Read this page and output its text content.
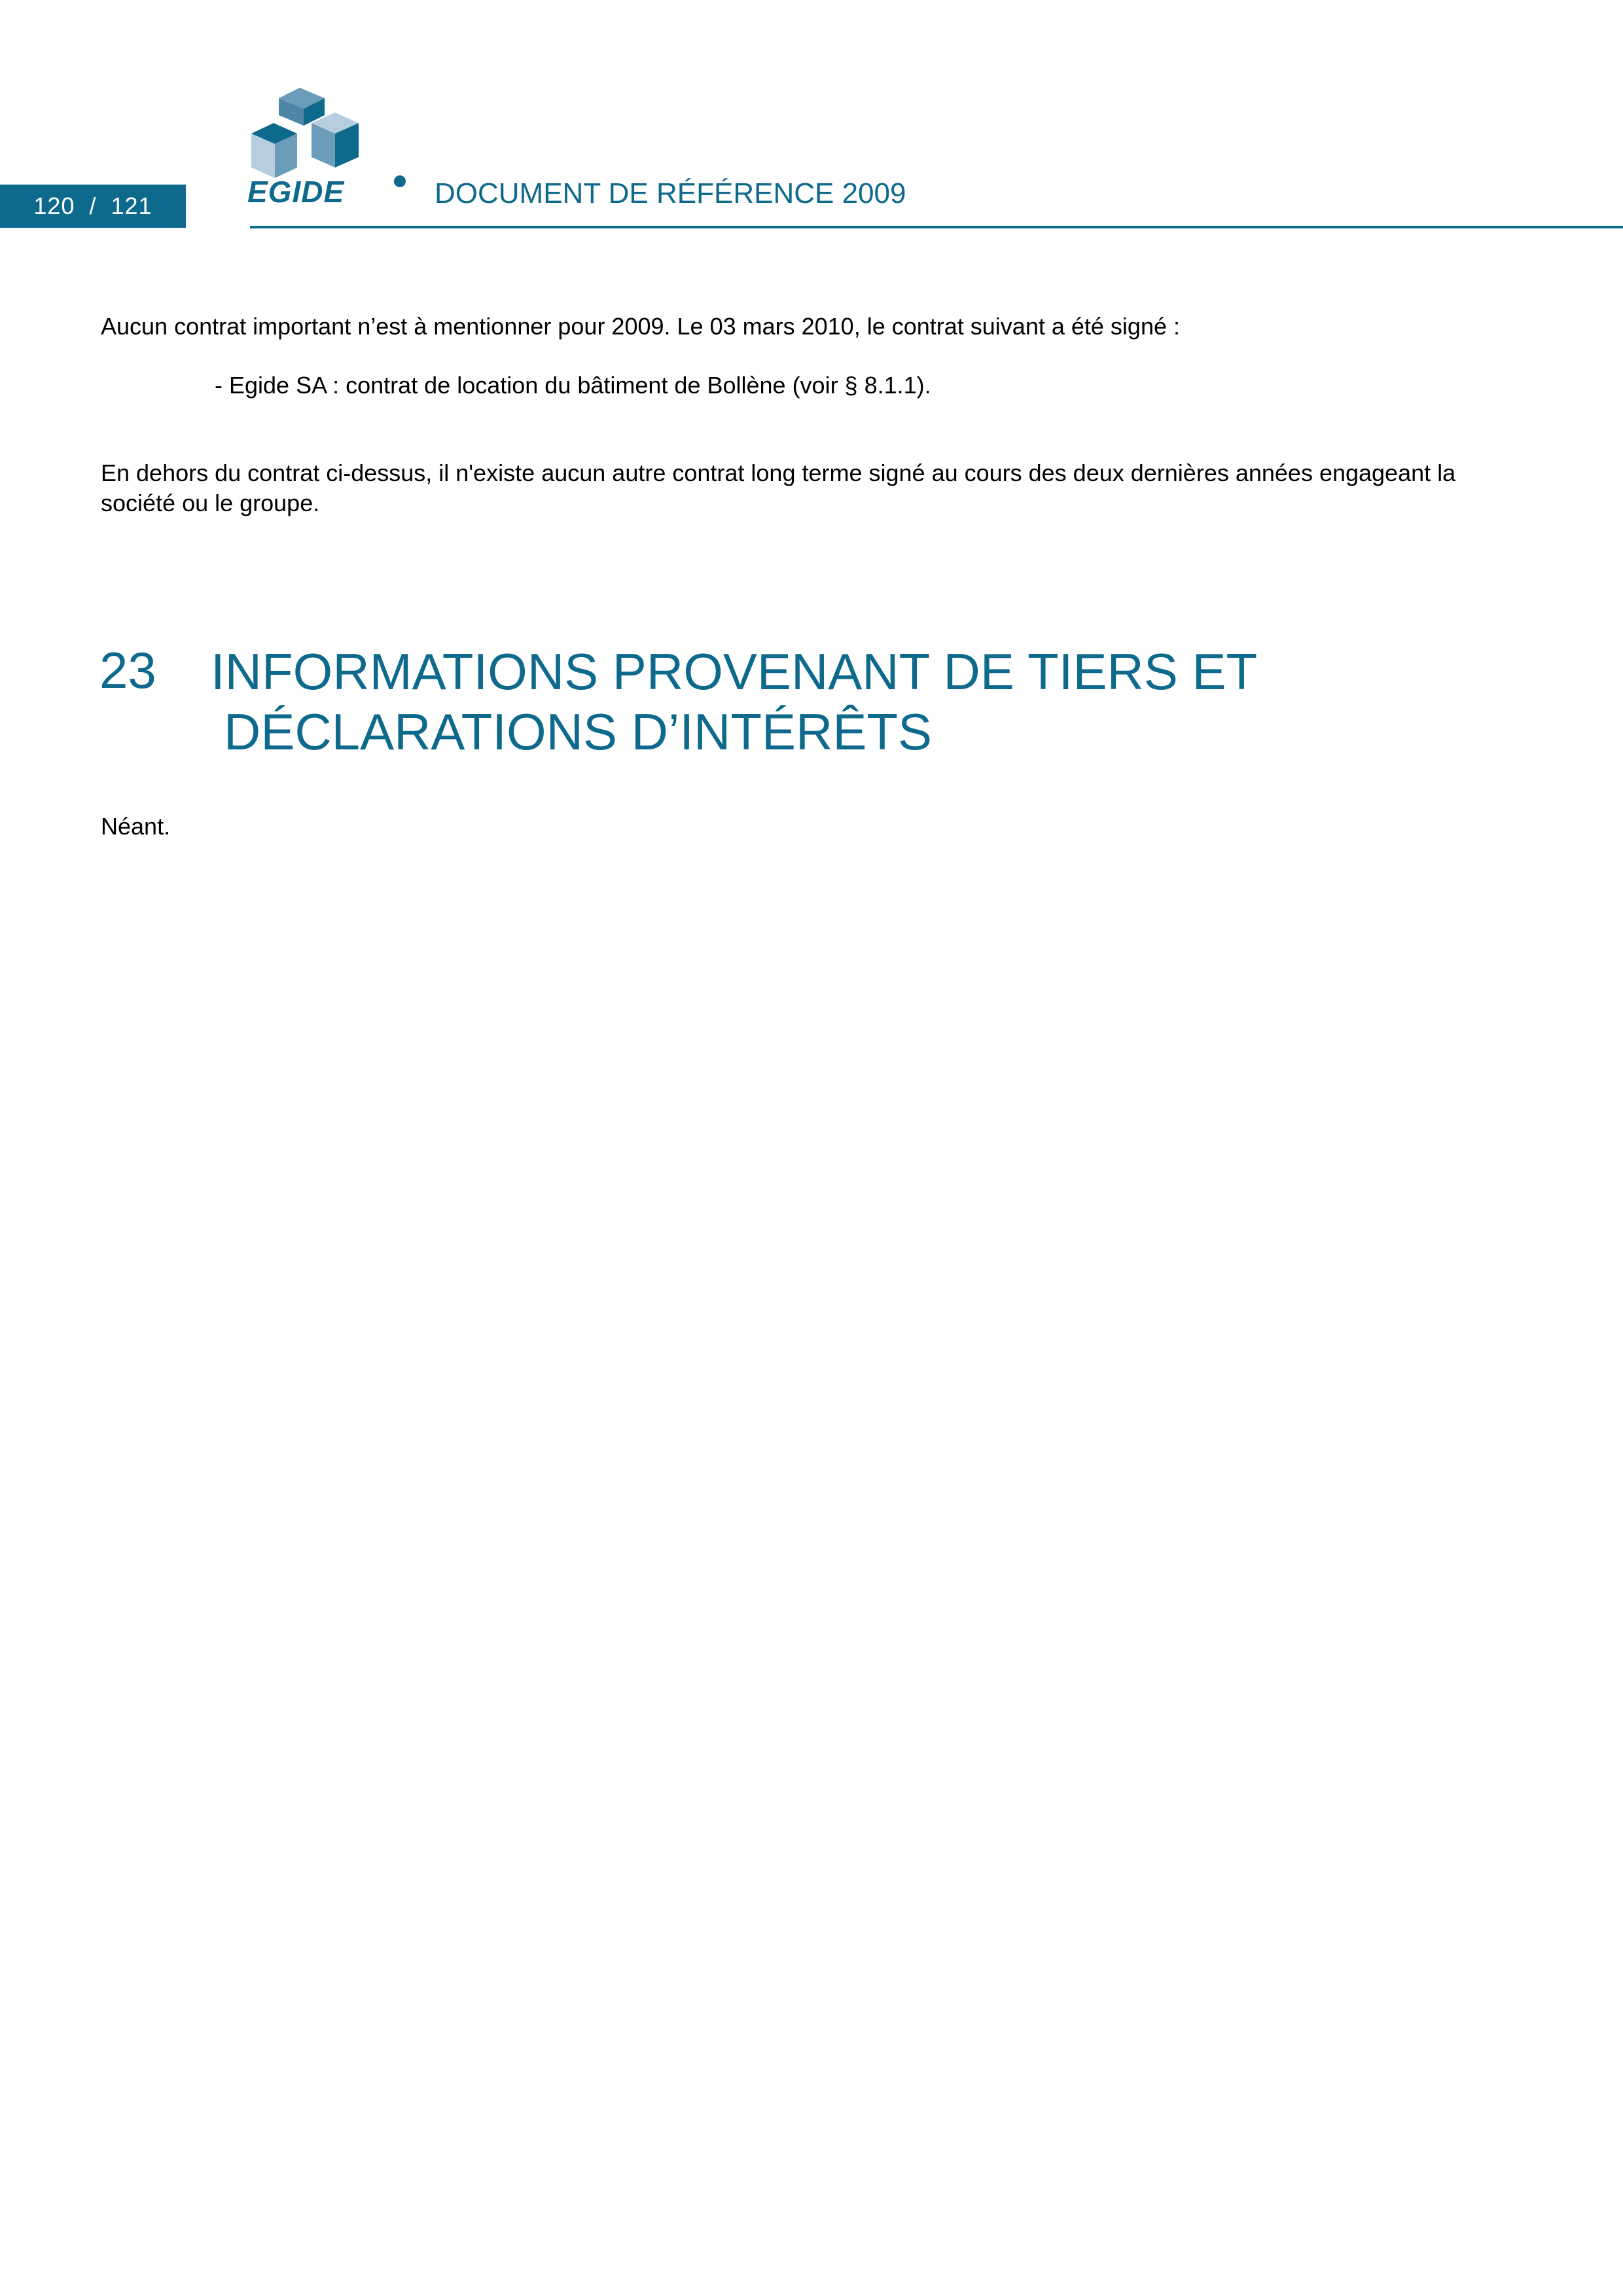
120 / 121	EGIDE	DOCUMENT DE RÉFÉRENCE 2009
Aucun contrat important n’est à mentionner pour 2009. Le 03 mars 2010, le contrat suivant a été signé :
- Egide SA : contrat de location du bâtiment de Bollène (voir § 8.1.1).
En dehors du contrat ci-dessus, il n'existe aucun autre contrat long terme signé au cours des deux dernières années engageant la société ou le groupe.
23 INFORMATIONS PROVENANT DE TIERS ET
DÉCLARATIONS D’INTÉRÊTS
Néant.
